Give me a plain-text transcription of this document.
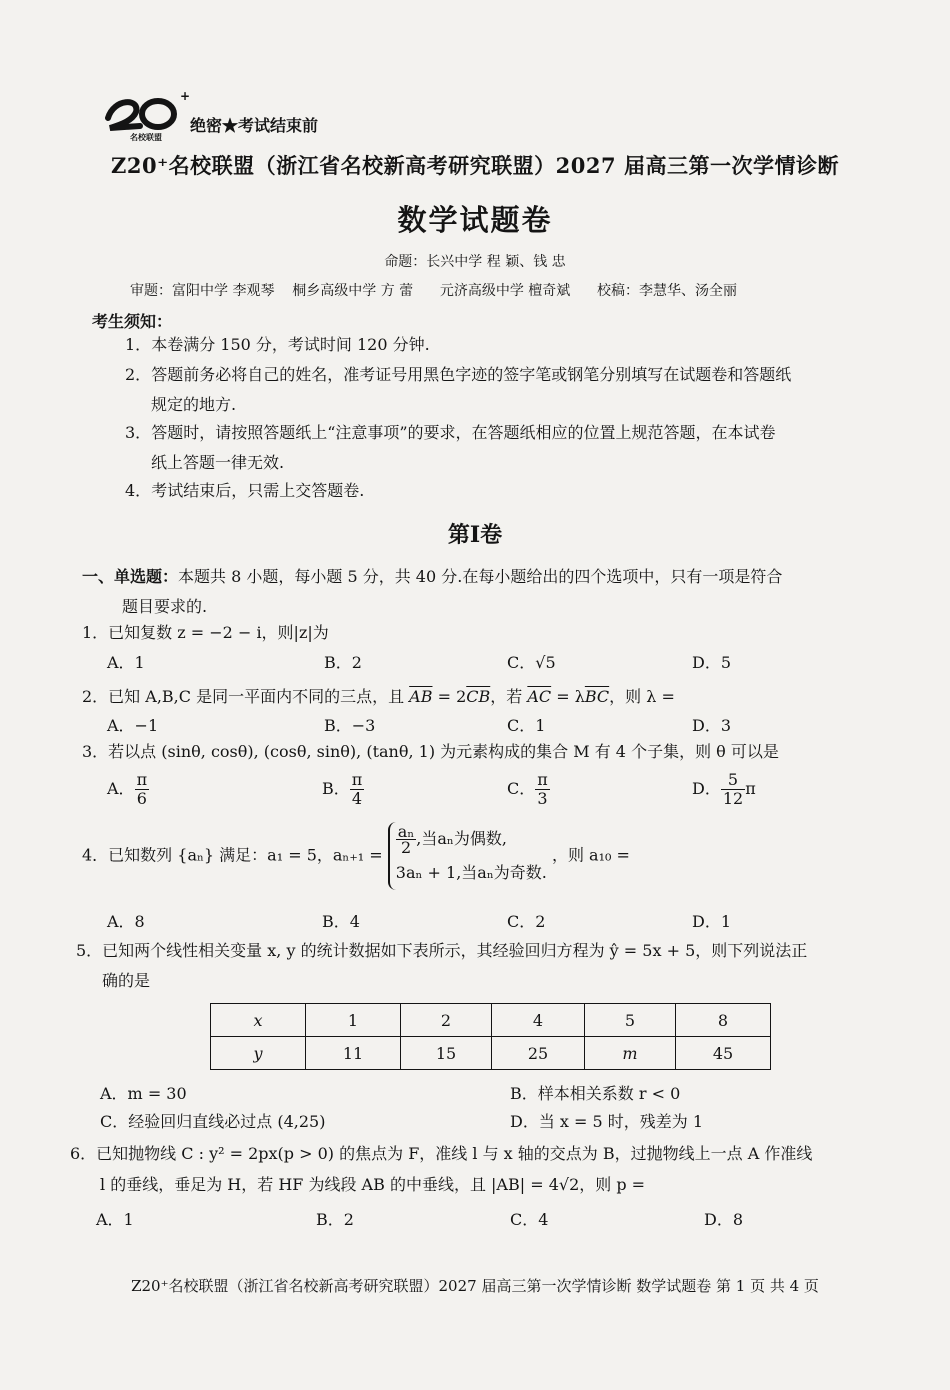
+
名校联盟
绝密★考试结束前
Z20⁺名校联盟（浙江省名校新高考研究联盟）2027 届高三第一次学情诊断
数学试题卷
命题：长兴中学 程 颖、钱 忠
审题：富阳中学 李观琴    桐乡高级中学 方 蕾      元济高级中学 檀奇斌      校稿：李慧华、汤全丽
考生须知：
1．本卷满分 150 分，考试时间 120 分钟.
2．答题前务必将自己的姓名，准考证号用黑色字迹的签字笔或钢笔分别填写在试题卷和答题纸
规定的地方.
3．答题时，请按照答题纸上“注意事项”的要求，在答题纸相应的位置上规范答题，在本试卷
纸上答题一律无效.
4．考试结束后，只需上交答题卷.
第Ⅰ卷
一、单选题：本题共 8 小题，每小题 5 分，共 40 分.在每小题给出的四个选项中，只有一项是符合
题目要求的.
1．已知复数 z = −2 − i，则|z|为
A．1	B．2	C．√5	D．5
2．已知 A,B,C 是同一平面内不同的三点，且 $\overline{AB} = 2\overline{CB}$，若 $\overline{AC} = \lambda\overline{BC}$，则 λ =
A．−1	B．−3	C．1	D．3
3．若以点 (sinθ, cosθ), (cosθ, sinθ), (tanθ, 1) 为元素构成的集合 M 有 4 个子集，则 θ 可以是
A． $\frac{\pi}{6}$	B． $\frac{\pi}{4}$	C． $\frac{\pi}{3}$	D． $\frac{5}{12}$ π
4．已知数列 {aₙ} 满足：a₁ = 5，$a_{n+1} = \frac{\text{aₙ}}{2}$ ,当aₙ为偶数,
3aₙ + 1,当aₙ为奇数.
，则 a₁₀ =
A．8	B．4	C．2	D．1
5．已知两个线性相关变量 x, y 的统计数据如下表所示，其经验回归方程为 ŷ = 5x + 5，则下列说法正
确的是
x	1	2	4	5	8
y	11	15	25	m	45
A．m = 30	B．样本相关系数 r < 0
C．经验回归直线必过点 (4,25)	D．当 x = 5 时，残差为 1
6．已知抛物线 C : y² = 2px(p > 0) 的焦点为 F，准线 l 与 x 轴的交点为 B，过抛物线上一点 A 作准线
l 的垂线，垂足为 H，若 HF 为线段 AB 的中垂线，且 |AB| = 4√2，则 p =
A．1	B．2	C．4	D．8
Z20⁺名校联盟（浙江省名校新高考研究联盟）2027 届高三第一次学情诊断 数学试题卷 第 1 页 共 4 页
